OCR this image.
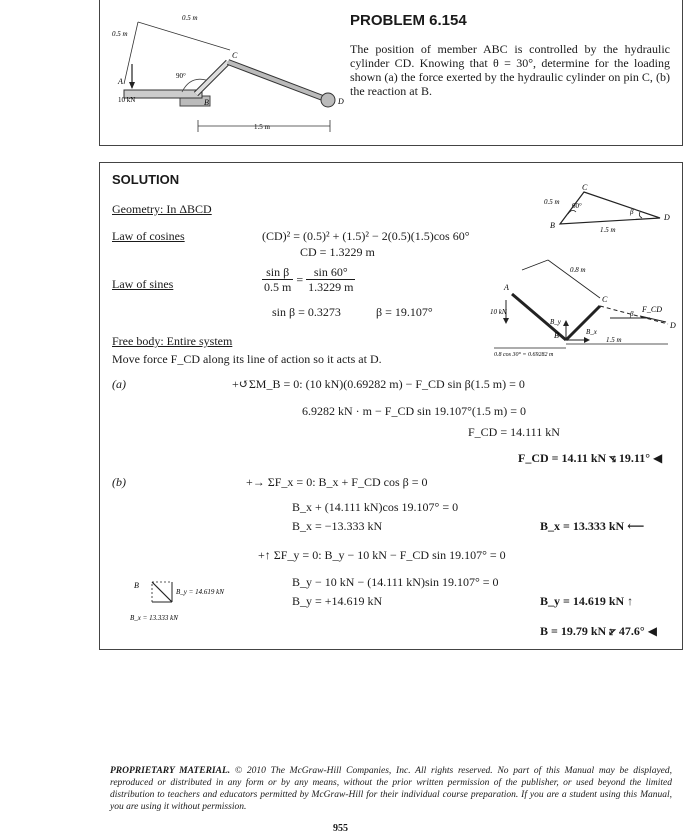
0.5 m
0.5 m
90°
10 kN
A
B
C
D
1.5 m
PROBLEM 6.154
The position of member ABC is controlled by the hydraulic cylinder CD. Knowing that θ = 30°, determine for the loading shown (a) the force exerted by the hydraulic cylinder on pin C, (b) the reaction at B.
SOLUTION
Geometry: In ΔBCD
Law of cosines	(CD)² = (0.5)² + (1.5)² − 2(0.5)(1.5)cos 60°
CD = 1.3229 m
Law of sines	$\frac{\text{sin β}}{0.5 m} = \frac{\sin 60^\circ}{1.3229 m}$
sin β = 0.3273	β = 19.107°
Free body: Entire system
Move force F_CD along its line of action so it acts at D.
(a)	+↺ΣM_B = 0: (10 kN)(0.69282 m) − F_CD sin β(1.5 m) = 0
6.9282 kN · m − F_CD sin 19.107°(1.5 m) = 0
F_CD = 14.111 kN
F_CD = 14.11 kN ⦪ 19.11° ◀
(b)	+→ ΣF_x = 0: B_x + F_CD cos β = 0
B_x + (14.111 kN)cos 19.107° = 0
B_x = −13.333 kN	B_x = 13.333 kN ⟵
+↑ ΣF_y = 0: B_y − 10 kN − F_CD sin 19.107° = 0
B_y − 10 kN − (14.111 kN)sin 19.107° = 0
B_y = +14.619 kN	B_y = 14.619 kN ↑
B = 19.79 kN ⦫ 47.6° ◀
C
B
D
60°
β
1.5 m
0.5 m
A
C
D
B
10 kN
B_x
B_y
β F_CD
1.5 m
0.8 m
0.8 cos 30° = 0.69282 m
B
B_y = 14.619 kN
B_x = 13.333 kN
PROPRIETARY MATERIAL. © 2010 The McGraw-Hill Companies, Inc. All rights reserved. No part of this Manual may be displayed, reproduced or distributed in any form or by any means, without the prior written permission of the publisher, or used beyond the limited distribution to teachers and educators permitted by McGraw-Hill for their individual course preparation. If you are a student using this Manual, you are using it without permission.
955
